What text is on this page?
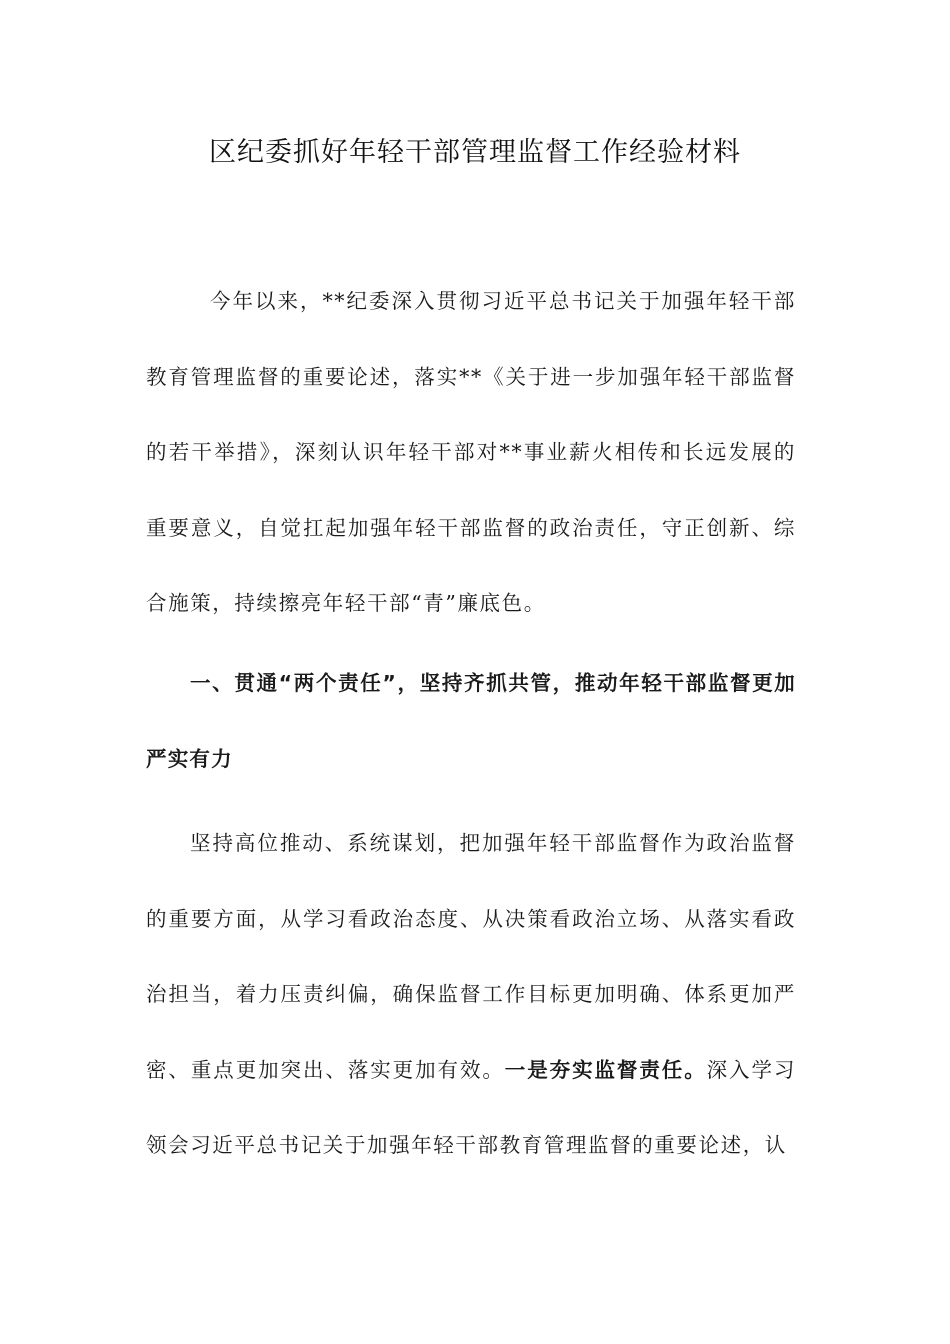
区纪委抓好年轻干部管理监督工作经验材料

今年以来，**纪委深入贯彻习近平总书记关于加强年轻干部教育管理监督的重要论述，落实**《关于进一步加强年轻干部监督的若干举措》，深刻认识年轻干部对**事业薪火相传和长远发展的重要意义，自觉扛起加强年轻干部监督的政治责任，守正创新、综合施策，持续擦亮年轻干部“青”廉底色。

一、贯通“两个责任”，坚持齐抓共管，推动年轻干部监督更加严实有力

坚持高位推动、系统谋划，把加强年轻干部监督作为政治监督的重要方面，从学习看政治态度、从决策看政治立场、从落实看政治担当，着力压责纠偏，确保监督工作目标更加明确、体系更加严密、重点更加突出、落实更加有效。一是夯实监督责任。深入学习领会习近平总书记关于加强年轻干部教育管理监督的重要论述，认
